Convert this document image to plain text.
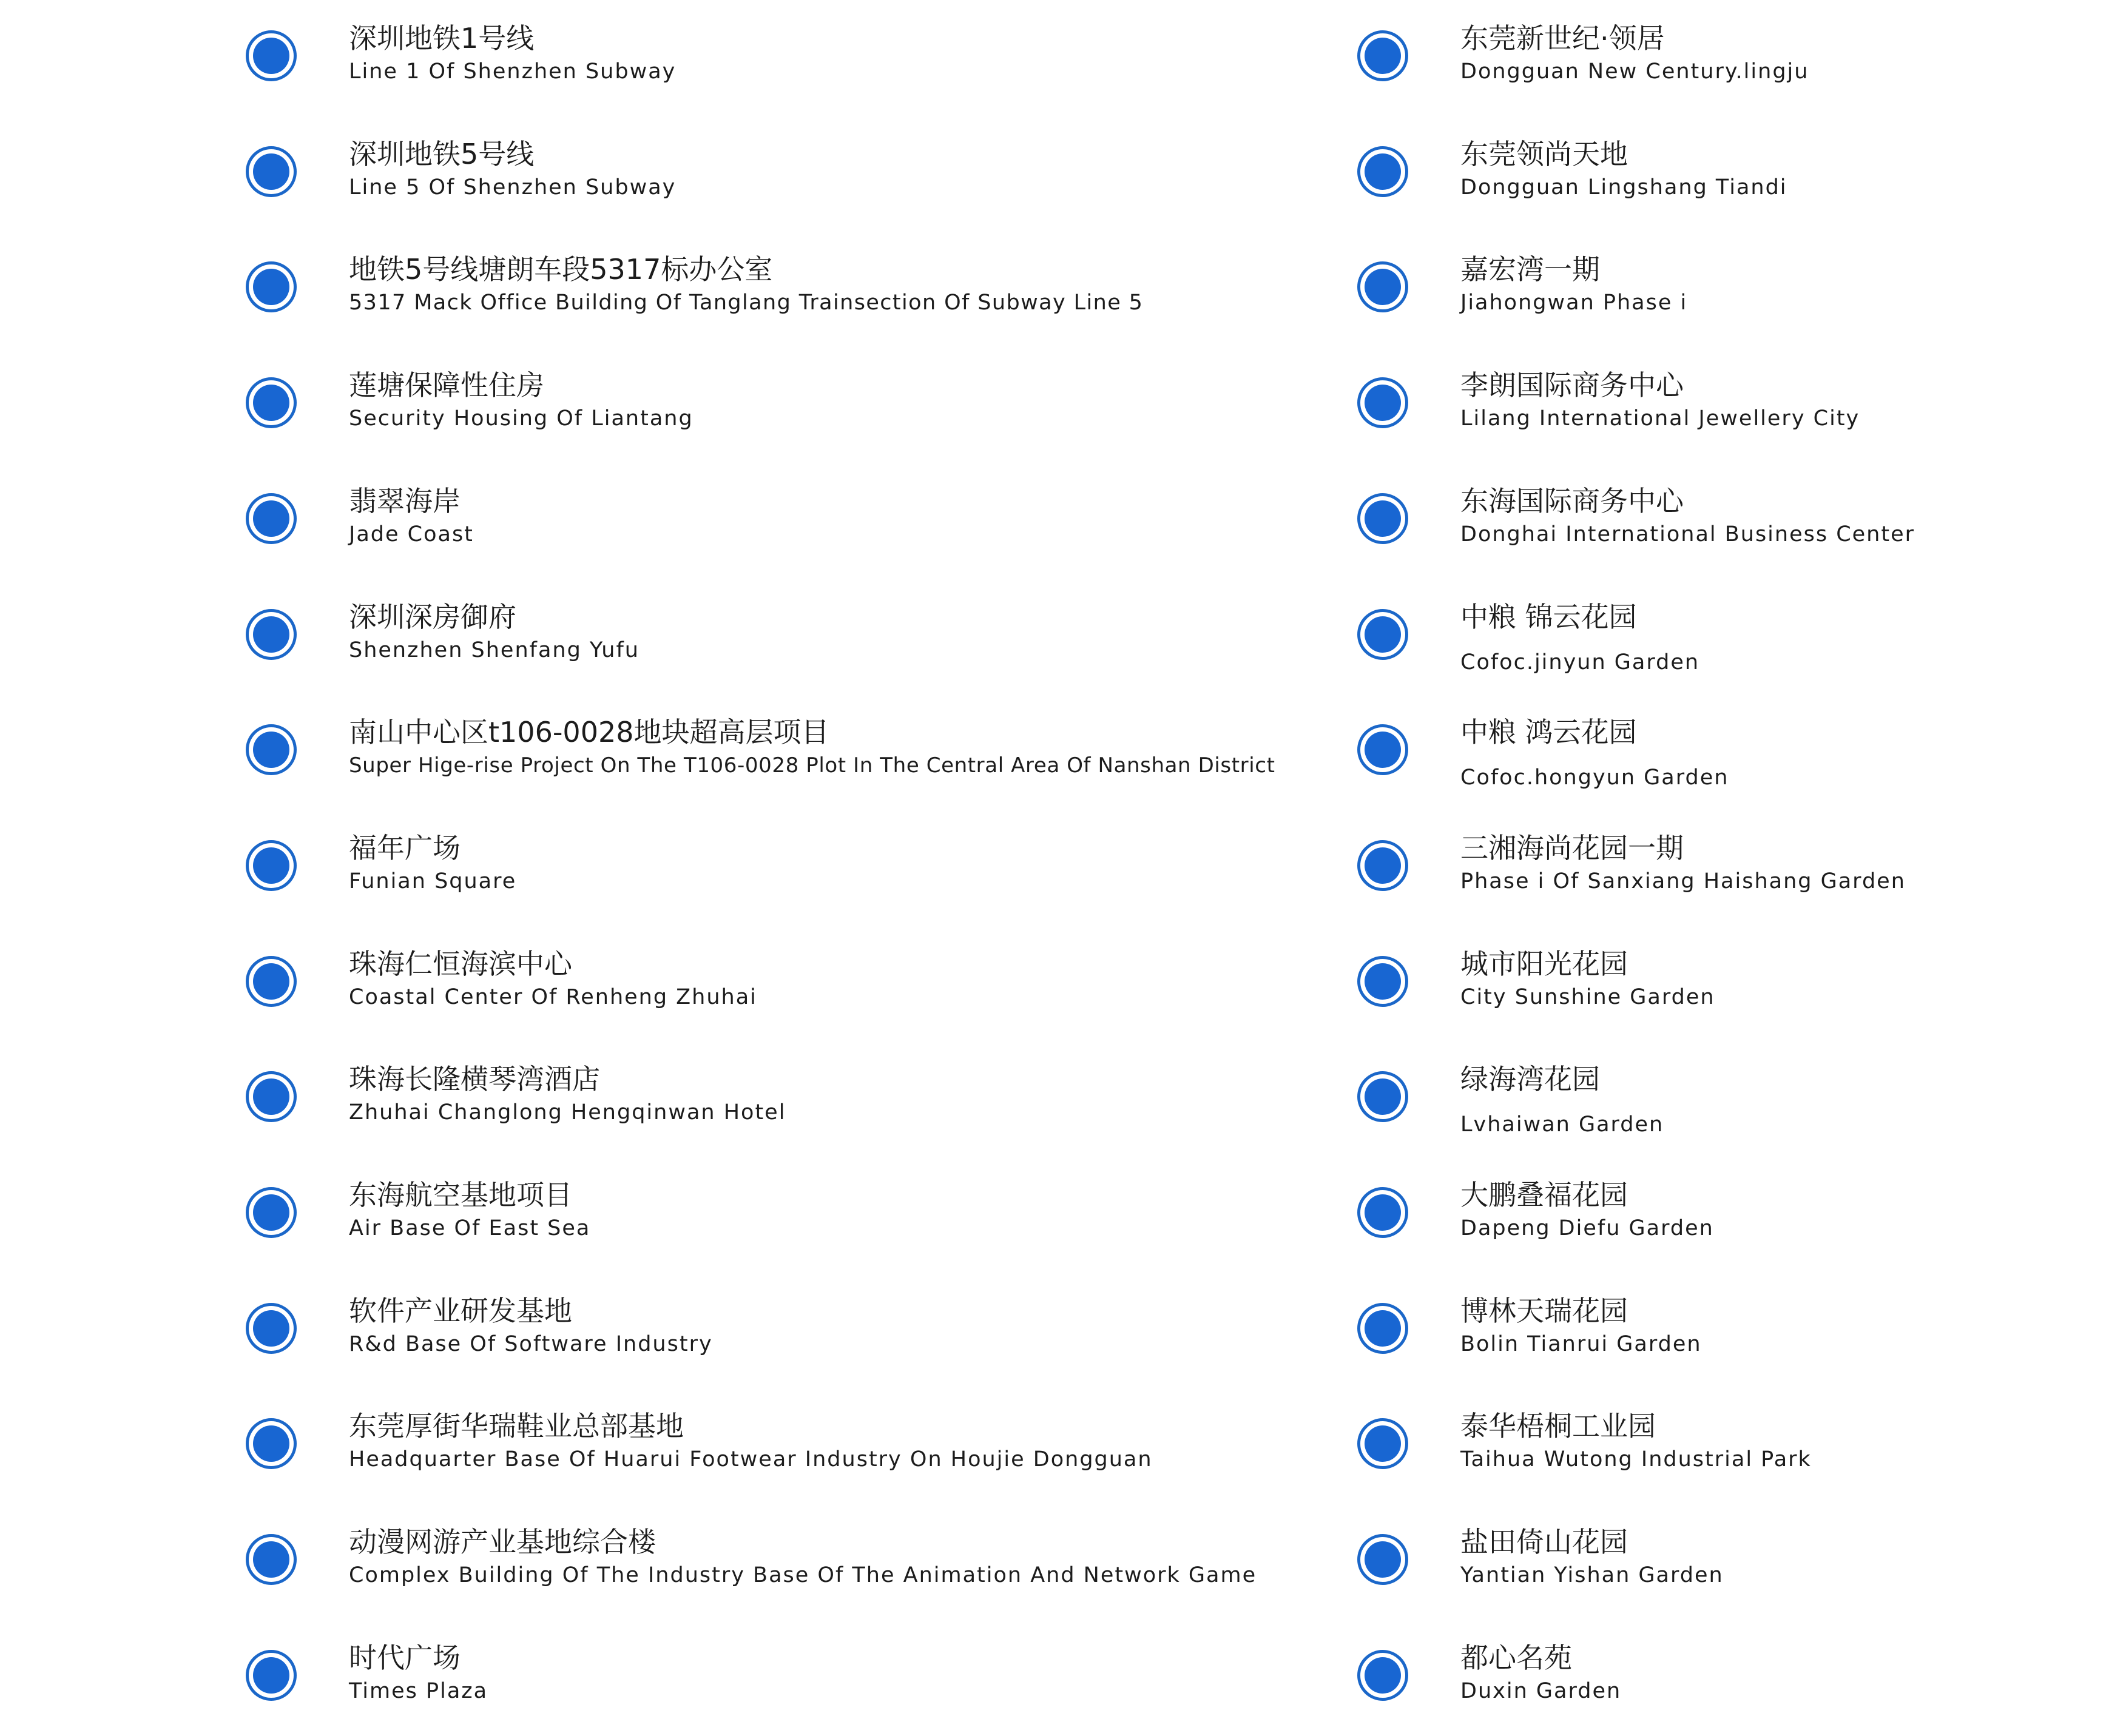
深圳地铁1号线
Line 1 Of Shenzhen Subway
深圳地铁5号线
Line 5 Of Shenzhen Subway
地铁5号线塘朗车段5317标办公室
5317 Mack Office Building Of Tanglang Trainsection Of Subway Line 5
莲塘保障性住房
Security Housing Of Liantang
翡翠海岸
Jade Coast
深圳深房御府
Shenzhen Shenfang Yufu
南山中心区t106-0028地块超高层项目
Super Hige-rise Project On The T106-0028 Plot In The Central Area Of Nanshan District
福年广场
Funian Square
珠海仁恒海滨中心
Coastal Center Of Renheng Zhuhai
珠海长隆横琴湾酒店
Zhuhai Changlong Hengqinwan Hotel
东海航空基地项目
Air Base Of East Sea
软件产业研发基地
R&d Base Of Software Industry
东莞厚街华瑞鞋业总部基地
Headquarter Base Of Huarui Footwear Industry On Houjie Dongguan
动漫网游产业基地综合楼
Complex Building Of The Industry Base Of The Animation And Network Game
时代广场
Times Plaza
东莞新世纪·领居
Dongguan New Century.lingju
东莞领尚天地
Dongguan Lingshang Tiandi
嘉宏湾一期
Jiahongwan Phase i
李朗国际商务中心
Lilang International Jewellery City
东海国际商务中心
Donghai International Business Center
中粮 锦云花园
Cofoc.jinyun Garden
中粮 鸿云花园
Cofoc.hongyun Garden
三湘海尚花园一期
Phase i Of Sanxiang Haishang Garden
城市阳光花园
City Sunshine Garden
绿海湾花园
Lvhaiwan Garden
大鹏叠福花园
Dapeng Diefu Garden
博林天瑞花园
Bolin Tianrui Garden
泰华梧桐工业园
Taihua Wutong Industrial Park
盐田倚山花园
Yantian Yishan Garden
都心名苑
Duxin Garden
